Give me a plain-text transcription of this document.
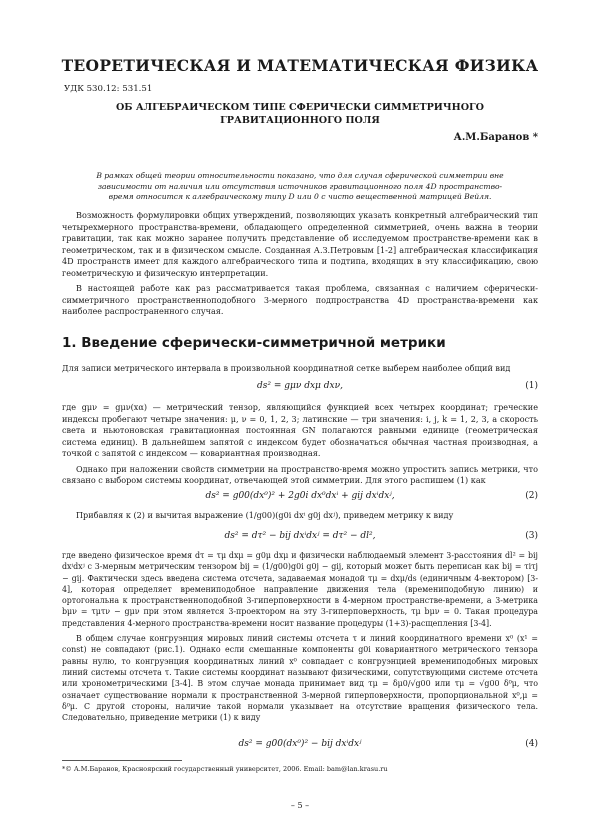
ТЕОРЕТИЧЕСКАЯ И МАТЕМАТИЧЕСКАЯ ФИЗИКА
УДК 530.12: 531.51
ОБ АЛГЕБРАИЧЕСКОМ ТИПЕ СФЕРИЧЕСКИ СИММЕТРИЧНОГО ГРАВИТАЦИОННОГО ПОЛЯ
А.М.Баранов *
В рамках общей теории относительности показано, что для случая сферической симметрии вне зависимости от наличия или отсутствия источников гравитационного поля 4D пространство-время относится к алгебраическому типу D или 0 с чисто вещественной матрицей Вейля.

Возможность формулировки общих утверждений, позволяющих указать конкретный алгебраический тип четырехмерного пространства-времени, обладающего определенной симметрией, очень важна в теории гравитации, так как можно заранее получить представление об исследуемом пространстве-времени как в геометрическом, так и в физическом смысле. Созданная А.З.Петровым [1-2] алгебраическая классификация 4D пространств имеет для каждого алгебраического типа и подтипа, входящих в эту классификацию, свою геометрическую и физическую интерпретации.

В настоящей работе как раз рассматривается такая проблема, связанная с наличием сферически-симметричного пространственноподобного 3-мерного подпространства 4D пространства-времени как наиболее распространенного случая.

1. Введение сферически-симметричной метрики

Для записи метрического интервала в произвольной координатной сетке выберем наиболее общий вид

ds² = gμν dxμ dxν,	(1)

где gμν = gμν(xα) — метрический тензор, являющийся функцией всех четырех координат; греческие индексы пробегают четыре значения: μ, ν = 0, 1, 2, 3; латинские — три значения: i, j, k = 1, 2, 3, а скорость света и ньютоновская гравитационная постоянная GN полагаются равными единице (геометрическая система единиц). В дальнейшем запятой с индексом будет обозначаться обычная частная производная, а точкой с запятой с индексом — ковариантная производная.

Однако при наложении свойств симметрии на пространство-время можно упростить запись метрики, что связано с выбором системы координат, отвечающей этой симметрии. Для этого распишем (1) как

ds² = g00(dx⁰)² + 2g0i dx⁰dxⁱ + gij dxⁱdxʲ,	(2)

Прибавляя к (2) и вычитая выражение (1/g00)(g0i dxⁱ g0j dxʲ), приведем метрику к виду

ds² = dτ² − bij dxⁱdxʲ = dτ² − dl²,	(3)

где введено физическое время dτ = τμ dxμ = g0μ dxμ и физически наблюдаемый элемент 3-расстояния dl² = bij dxⁱdxʲ с 3-мерным метрическим тензором bij = (1/g00)g0i g0j − gij, который может быть переписан как bij = τiτj − gij. Фактически здесь введена система отсчета, задаваемая монадой τμ = dxμ/ds (единичным 4-вектором) [3-4], которая определяет времениподобное направление движения тела (времениподобную линию) и ортогональна к пространственноподобной 3-гиперповерхности в 4-мерном пространстве-времени, а 3-метрика bμν = τμτν − gμν при этом является 3-проектором на эту 3-гиперповерхность, τμ bμν = 0. Такая процедура представления 4-мерного пространства-времени носит название процедуры (1+3)-расщепления [3-4].

В общем случае конгруэнция мировых линий системы отсчета τ и линий координатного времени x⁰ (x¹ = const) не совпадают (рис.1). Однако если смешанные компоненты g0i ковариантного метрического тензора равны нулю, то конгруэнция координатных линий x⁰ совпадает с конгруэнцией времениподобных мировых линий системы отсчета τ. Такие системы координат называют физическими, сопутствующими системе отсчета или хронометрическими [3-4]. В этом случае монада принимает вид τμ = δμ0/√g00 или τμ = √g00 δ⁰μ, что означает существование нормали к пространственной 3-мерной гиперповерхности, пропорциональной x⁰,μ = δ⁰μ. С другой стороны, наличие такой нормали указывает на отсутствие вращения физического тела. Следовательно, приведение метрики (1) к виду

ds² = g00(dx⁰)² − bij dxⁱdxʲ	(4)
*© А.М.Баранов, Красноярский государственный университет, 2006. Email: bam@lan.krasu.ru
– 5 –
